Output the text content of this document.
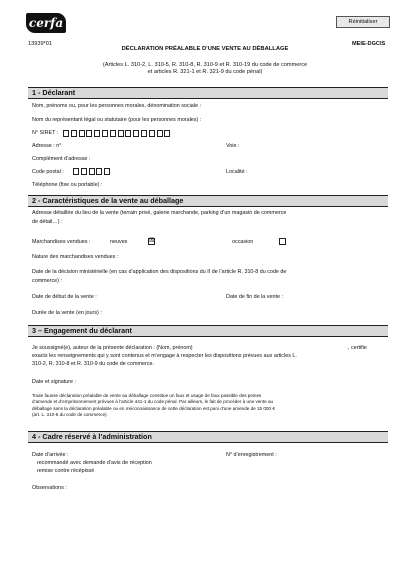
cerfa	Réinitialiser
13939*01	MEIE-DGCIS
DÉCLARATION PRÉALABLE D’UNE VENTE AU DÉBALLAGE
(Articles L. 310-2, L. 310-5, R. 310-8, R. 310-9 et R. 310-19 du code de commerce
et articles R. 321-1 et R. 321-9 du code pénal)
1 - Déclarant
Nom, prénoms ou, pour les personnes morales, dénomination sociale :
Nom du représentant légal ou statutaire (pour les personnes morales) :
N° SIRET :
Adresse : n°	Voie :
Complément d’adresse :
Code postal :	Localité :
Téléphone (fixe ou portable) :
2 - Caractéristiques de la vente au déballage
Adresse détaillée du lieu de la vente (terrain privé, galerie marchande, parking d’un magasin de commerce
de détail…) :
Marchandises vendues :	neuves	☒	occasion
Nature des marchandises vendues :
Date de la décision ministérielle (en cas d’application des dispositions du II de l’article R. 310-8 du code de
commerce) :
Date de début de la vente :	Date de fin de la vente :
Durée de la vente (en jours) :
3 – Engagement du déclarant
Je soussigné(e), auteur de la présente déclaration : (Nom, prénom)	, certifie
exacts les renseignements qui y sont contenus et m’engage à respecter les dispositions prévues aux articles L.
310-2, R. 310-8 et R. 310-9 du code de commerce.
Date et signature :
Toute fausse déclaration préalable de vente au déballage constitue un faux et usage de faux passible des peines
d’amende et d’emprisonnement prévues à l’article 441-1 du code pénal. Par ailleurs, le fait de procéder à une vente au
déballage sans la déclaration préalable ou en méconnaissance de cette déclaration est puni d’une amende de 15 000 €
(art. L. 310-5 du code de commerce).
4 - Cadre réservé à l’administration
Date d’arrivée :	N° d’enregistrement :
recommandé avec demande d’avis de réception
remise contre récépissé
Observations :
